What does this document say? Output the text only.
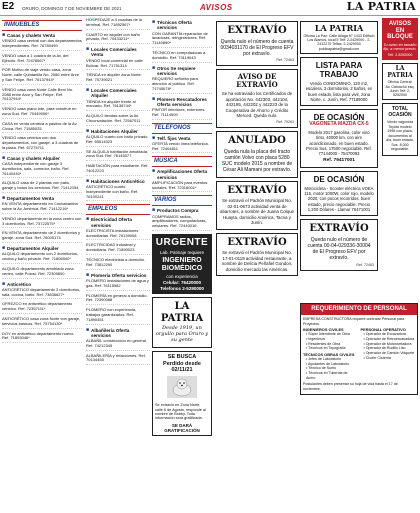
E2 ORURO, DOMINGO 7 DE NOVIEMBRE DE 2021	AVISOS	LA PATRIA
INMUEBLES
■ Casas y chalets Venta
VENDO casa central con dos departamentos independientes. Ref. 76780499
VENDO casa a 1 cuadra de la Av. del Ejército. Ref. 72478567*
POR Motivo de viaje vendo casa, zona Norte, calle Quintanilla No. 2086 entre Arce y San Felipe. Ref. 76137944*
VENDO casa zona Norte Calle Beni No. 2088 entre Arce y San Felipe. Ref. 76137944*
VENDO casa plano lote, para construir en zona Sud. Ref. 70449006*
CASA en venta céntrica a pasitos de la Av. Cívica. Ref. 71585025
VENDO casa céntrica con dos departamentos, con garaje, a 3 cuadras de la plaza. Ref. 67275711
■ Casas y chalets Alquiler
CASA independiente con garaje 3 dormitorios, sala, comedor, baño. Ref. 76140440*
ALQUILO casa de 2 plantas con patio, garaje y todos los servicios. Ref. 71412154
■ Departamentos Venta
EN VENTA departamento en Cochabamba sobre la Av. América. Ref. 71412216*
VENDO departamento en la zona centro con 3 dormitorios. Ref. 73722575*
EN VENTA departamento de 2 dormitorios y garaje, zona Sud. Ref. 76000174
■ Departamentos Alquiler
ALQUILO departamento con 2 dormitorios, cocina y baño privado. Ref. 71806540*
ALQUILO departamento amoblado zona centro, calle Potosí. Ref. 72309800
■ Anticrético
ANTICRÉTICO departamento 3 dormitorios, sala, cocina, baño. Ref. 73836627*
OFREZCO en anticrético departamento céntrico. Ref. 72357111*
ANTICRÉTICO casa zona Norte con garaje, servicios básicos. Ref. 75754130*
DOY en anticrético departamento nuevo. Ref. 71893046*
HOSPEDAJE a 4 cuadras de la terminal. Ref. 71892567*
CUARTO en alquiler con baño privado. Ref. 70433211*
■ Locales Comerciales Venta
VENDO local comercial en calle Bolívar. Ref. 71751314
TIENDA en alquiler zona Norte. Ref. 75739021
■ Locales Comerciales Alquiler
TIENDA en alquiler frente al mercado. Ref. 76138744*
ALQUILO tiendas sobre la Av. Circunvalación. Ref. 72567011
■ Habitaciones Alquiler
ALQUILO cuarto con baño privado. Ref. 69514023
SE ALQUILA habitación amoblada, zona Sud. Ref. 76145077
HABITACIÓN para estudiante. Ref. 74012223
■ Habitaciones Anticrético
ANTICRÉTICO cuarto independiente con baño. Ref. 76100241
EMPLEOS
■ Electricidad Oferta servicios
ELECTRICISTA instalaciones domiciliarias. Ref. 76139008
ELECTRICIDAD industrial y domiciliaria. Ref. 71890023
TÉCNICO electricista a domicilio. Ref. 73812290
■ Plomería Oferta servicios
PLOMERO instalaciones de agua y gas. Ref. 76115582
PLOMERÍA en general a domicilio. Ref. 72390088
PLOMERO con experiencia, trabajos garantizados. Ref. 71890451
■ Albañilería Oferta servicios
ALBAÑIL construcción en general. Ref. 74212345
ALBAÑILERÍA y refacciones. Ref. 70134455
■ Técnicos Oferta servicios
CON GARANTÍA reparación de lavadoras, refrigeradores. Ref. 71140890*
TÉCNICO en computadoras a domicilio. Ref. 73119043
■ Otros Se requiere servicios
REQUIERO señorita para atención al público. Ref. 71745678*
■ Plomero Rescatadores Oferta servicios
PINTOR interiores, exteriores. Ref. 71114509
TELÉFONOS
■ Telf. fijos Venta
OFERTA vendo línea telefónica. Ref. 72404811
MÚSICA
■ Amplificaciones Oferta servicios
AMPLIFICACIÓN para eventos sociales. Ref. 72316001*
VARIOS
■ Productos Compra
COMPRAMOS radios, amplificadores, computadoras, celulares. Ref. 72440016
URGENTE
Lab. Patinaje requiere
INGENIERO BIOMÉDICO
con experiencia
Celular: 76420000
Telefonos 2-5290000
LA PATRIA
Desde 1919, un orgullo para Oruro y su gente
SE BUSCA
Perdido desde 02/11/21
Se extravió en Zona Norte, calle 6 de Agosto, responde al nombre de Bobby. Toda información será gratificada.
SE DARÁ GRATIFICACIÓN
EXTRAVÍO
Queda nulo el número de cuenta 0034031170 de El Progreso EFV por extravío.
Ref. 72463
AVISO DE EXTRAVÍO
Se ha extraviado los Certificados de aportación No. 442303, 442104, 442195, 442202 y 442223 de la Cooperativa de Ahorro y Crédito Merced. Queda nulo.
Ref. 79263
ANULADO
Queda nula la placa del tracto camión Volvo con placa 5280 SUC modelo 2015 a nombre de César Ali Mamani por extravío.
EXTRAVÍO
Se extravió el Padrón Municipal No. 02-01-0673 actividad venta de abarrotes, a nombre de Juana Colque Huayta, domicilio América, Tacna y Junín.
EXTRAVÍO
Se extravió el Padrón Municipal No. 17-01-0119 actividad restaurante, a nombre de Delicia Peñafiel Gondon, domicilio mercado las Américas.
LA PATRIA
Oficina La Paz: Calle Aliaga N° 1433 Edificio Los Álamos, local 5 Telf: 2-2429000 - 2-2412270 Telfax: 2-2429000 publicapatria@gmail.com
LISTA PARA TRABAJO
Vendo CONDOMINIO, 120 m2, escalera, 3 dormitorios, 2 baños, en buen estado, lista para vivir, zona Norte, c. Junín, Ref. 77189000
DE OCASIÓN
VAGONETA MAZDA CX-5
Modelo 2017 gasolina, color vino tinto, 40000 km, con aire acondicionado, en buen estado. Precio Sus. 17500 negociable. Ref. 77144000 - 75470093
Ref. 79417001
DE OCASIÓN
Motocicleta - Scooter eléctrica VOEA 115, motor 1000W, color rojo, modelo 2020, con pocos recorridos, buen estado, precio negociable. Precio 1,200 Dólares - Llamar 76471001
EXTRAVÍO
Queda nulo el número de cuenta 00-04-029336-30004 de El Progreso EFV por extravío.
Ref. 72463
REQUERIMIENTO DE PERSONAL
EMPRESA CONSTRUCTORA requiere contratar Personal para Proyectos.
INGENIEROS CIVILES
• Súper Intendente de Obra
• Ingenieros
• Residentes de Obra
• Técnicos en Topografía
TÉCNICOS OBRAS CIVILES
• Jefes de Laboratorio
• Ayudantes de Laboratorio
• Técnico de Suelo
• Técnicos en Tuberías de Acero
PERSONAL OPERATIVO
• Operador de Excavadora
• Operador de Retroexcavadora
• Operador de Motoniveladora
• Operador de Rodillo Liso
• Operador de Camión Volquete
• Chofer Cisterna
Postulantes deben presentar su hoja de vida hasta el 17 de noviembre.
AVISOS
EN BLOQUE
Tu aviso en tamaño fijo, a menor precio.
Telf. 2-5252000
LA PATRIA
Oficina Central: Av. Camacho esq. Junín Telf: 2-5252000
TOTAL OCASIÓN
Vendo vagoneta Toyota modelo 1998 con placa, documentos al día, buen estado, Sus. 8,000 negociable.
